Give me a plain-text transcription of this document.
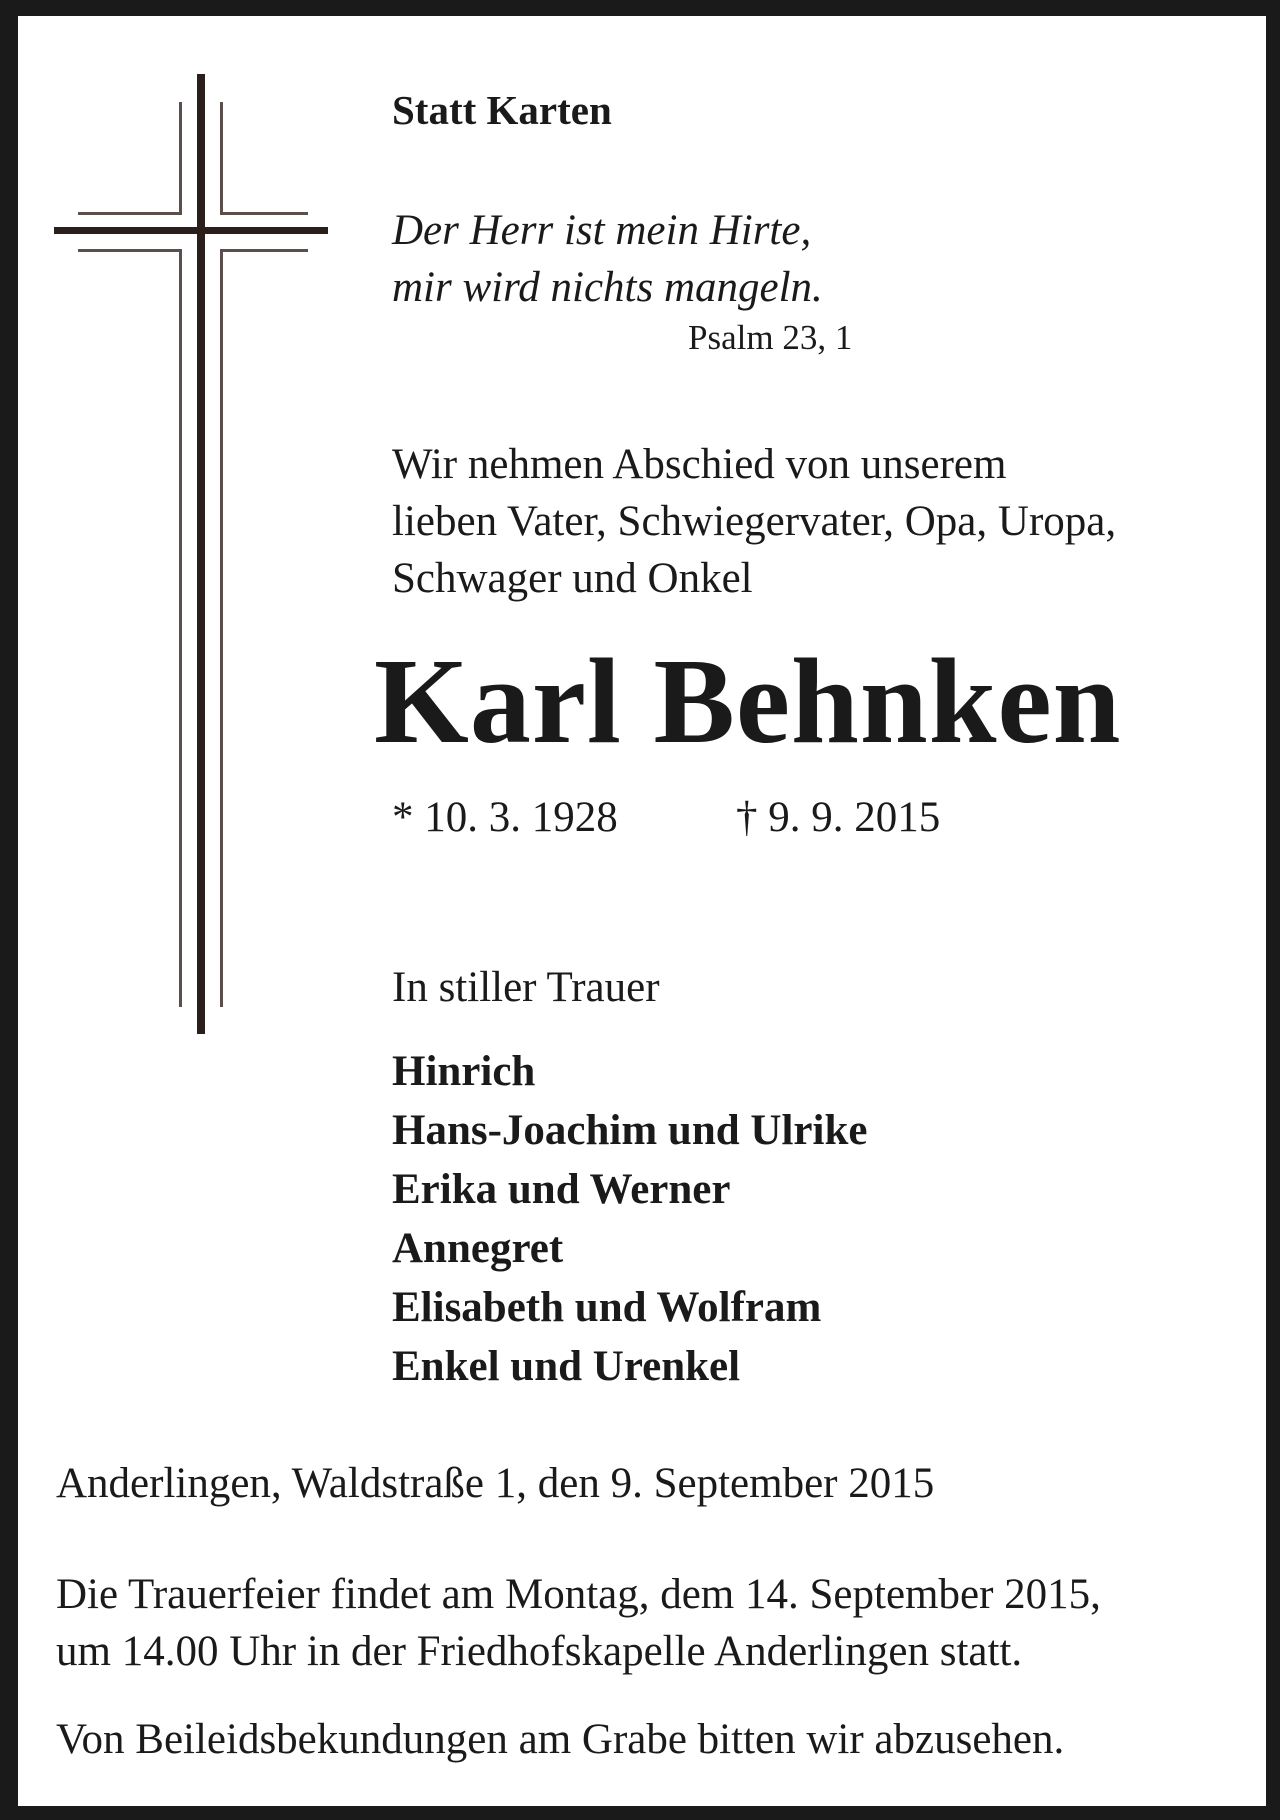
Statt Karten

Der Herr ist mein Hirte,
mir wird nichts mangeln.

Psalm 23, 1

Wir nehmen Abschied von unserem
lieben Vater, Schwiegervater, Opa, Uropa,
Schwager und Onkel

Karl Behnken

* 10. 3. 1928	† 9. 9. 2015

In stiller Trauer

Hinrich
Hans-Joachim und Ulrike
Erika und Werner
Annegret
Elisabeth und Wolfram
Enkel und Urenkel

Anderlingen, Waldstraße 1, den 9. September 2015

Die Trauerfeier findet am Montag, dem 14. September 2015,
um 14.00 Uhr in der Friedhofskapelle Anderlingen statt.

Von Beileidsbekundungen am Grabe bitten wir abzusehen.
